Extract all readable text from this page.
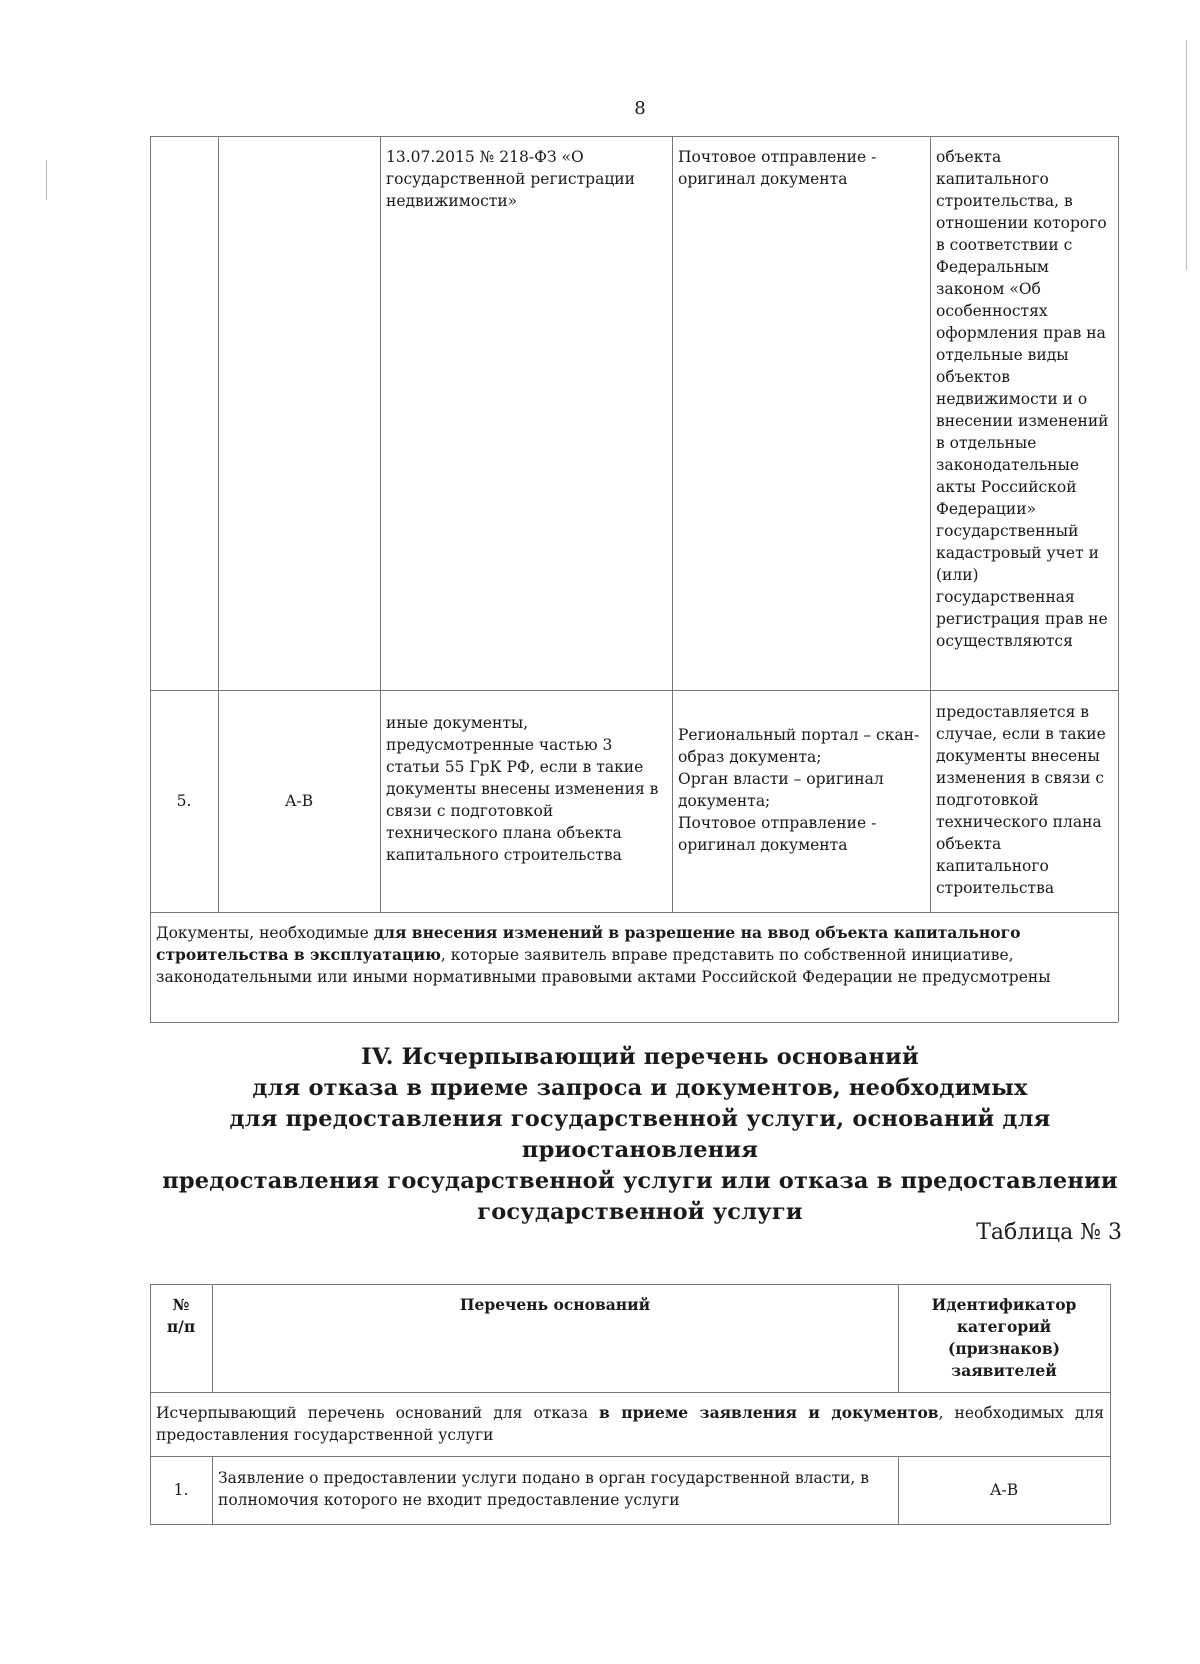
8
13.07.2015 № 218-ФЗ «О
государственной регистрации
недвижимости»
Почтовое отправление -
оригинал документа
объекта
капитального
строительства, в
отношении которого
в соответствии с
Федеральным
законом «Об
особенностях
оформления прав на
отдельные виды
объектов
недвижимости и о
внесении изменений
в отдельные
законодательные
акты Российской
Федерации»
государственный
кадастровый учет и
(или)
государственная
регистрация прав не
осуществляются
5.	А-В
иные документы,
предусмотренные частью 3
статьи 55 ГрК РФ, если в такие
документы внесены изменения в
связи с подготовкой
технического плана объекта
капитального строительства
Региональный портал – скан-
образ документа;
Орган власти – оригинал
документа;
Почтовое отправление -
оригинал документа
предоставляется в
случае, если в такие
документы внесены
изменения в связи с
подготовкой
технического плана
объекта
капитального
строительства
Документы, необходимые для внесения изменений в разрешение на ввод объекта капитального строительства в эксплуатацию, которые заявитель вправе представить по собственной инициативе, законодательными или иными нормативными правовыми актами Российской Федерации не предусмотрены
IV. Исчерпывающий перечень оснований
для отказа в приеме запроса и документов, необходимых
для предоставления государственной услуги, оснований для приостановления
предоставления государственной услуги или отказа в предоставлении
государственной услуги
Таблица № 3
№
п/п
Перечень оснований	Идентификатор
категорий
(признаков)
заявителей
Исчерпывающий перечень оснований для отказа в приеме заявления и документов, необходимых для предоставления государственной услуги
1.
Заявление о предоставлении услуги подано в орган государственной власти, в полномочия которого не входит предоставление услуги
А-В
